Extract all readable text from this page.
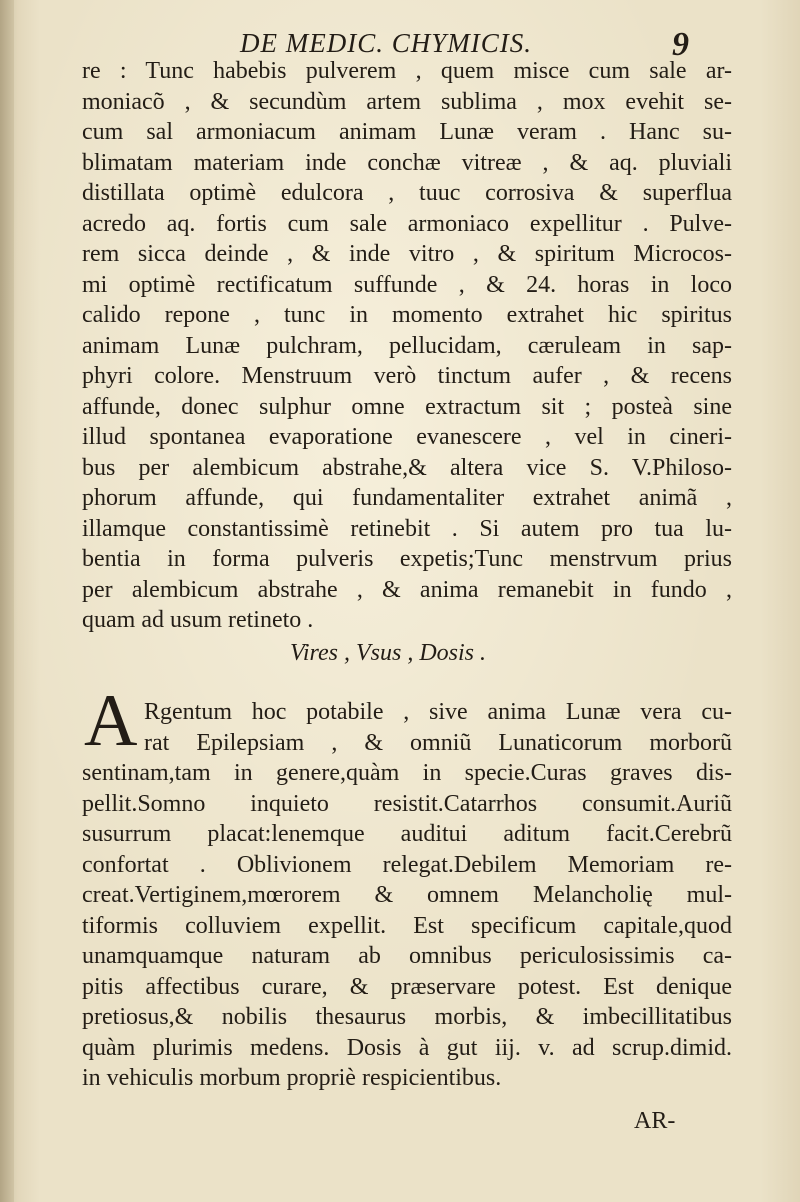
DE MEDIC. CHYMICIS.	9
re : Tunc habebis pulverem , quem misce cum sale ar-
moniacõ , & secundùm artem sublima , mox evehit se-
cum sal armoniacum animam Lunæ veram . Hanc su-
blimatam materiam inde conchæ vitreæ , & aq. pluviali
distillata optimè edulcora , tuuc corrosiva & superflua
acredo aq. fortis cum sale armoniaco expellitur . Pulve-
rem sicca deinde , & inde vitro , & spiritum Microcos-
mi optimè rectificatum suffunde , & 24. horas in loco
calido repone , tunc in momento extrahet hic spiritus
animam Lunæ pulchram, pellucidam, cæruleam in sap-
phyri colore. Menstruum verò tinctum aufer , & recens
affunde, donec sulphur omne extractum sit ; posteà sine
illud spontanea evaporatione evanescere , vel in cineri-
bus per alembicum abstrahe,& altera vice S. V.Philoso-
phorum affunde, qui fundamentaliter extrahet animã ,
illamque constantissimè retinebit . Si autem pro tua lu-
bentia in forma pulveris expetis;Tunc menstrvum prius
per alembicum abstrahe , & anima remanebit in fundo ,
quam ad usum retineto .
Vires , Vsus , Dosis .
A Rgentum hoc potabile , sive anima Lunæ vera cu-
rat Epilepsiam , & omniũ Lunaticorum morborũ
sentinam,tam in genere,quàm in specie.Curas graves dis-
pellit.Somno inquieto resistit.Catarrhos consumit.Auriũ
susurrum placat:lenemque auditui aditum facit.Cerebrũ
confortat . Oblivionem relegat.Debilem Memoriam re-
creat.Vertiginem,mœrorem & omnem Melancholię mul-
tiformis colluviem expellit. Est specificum capitale,quod
unamquamque naturam ab omnibus periculosissimis ca-
pitis affectibus curare, & præservare potest. Est denique
pretiosus,& nobilis thesaurus morbis, & imbecillitatibus
quàm plurimis medens. Dosis à gut iij. v. ad scrup.dimid.
in vehiculis morbum propriè respicientibus.
AR-
